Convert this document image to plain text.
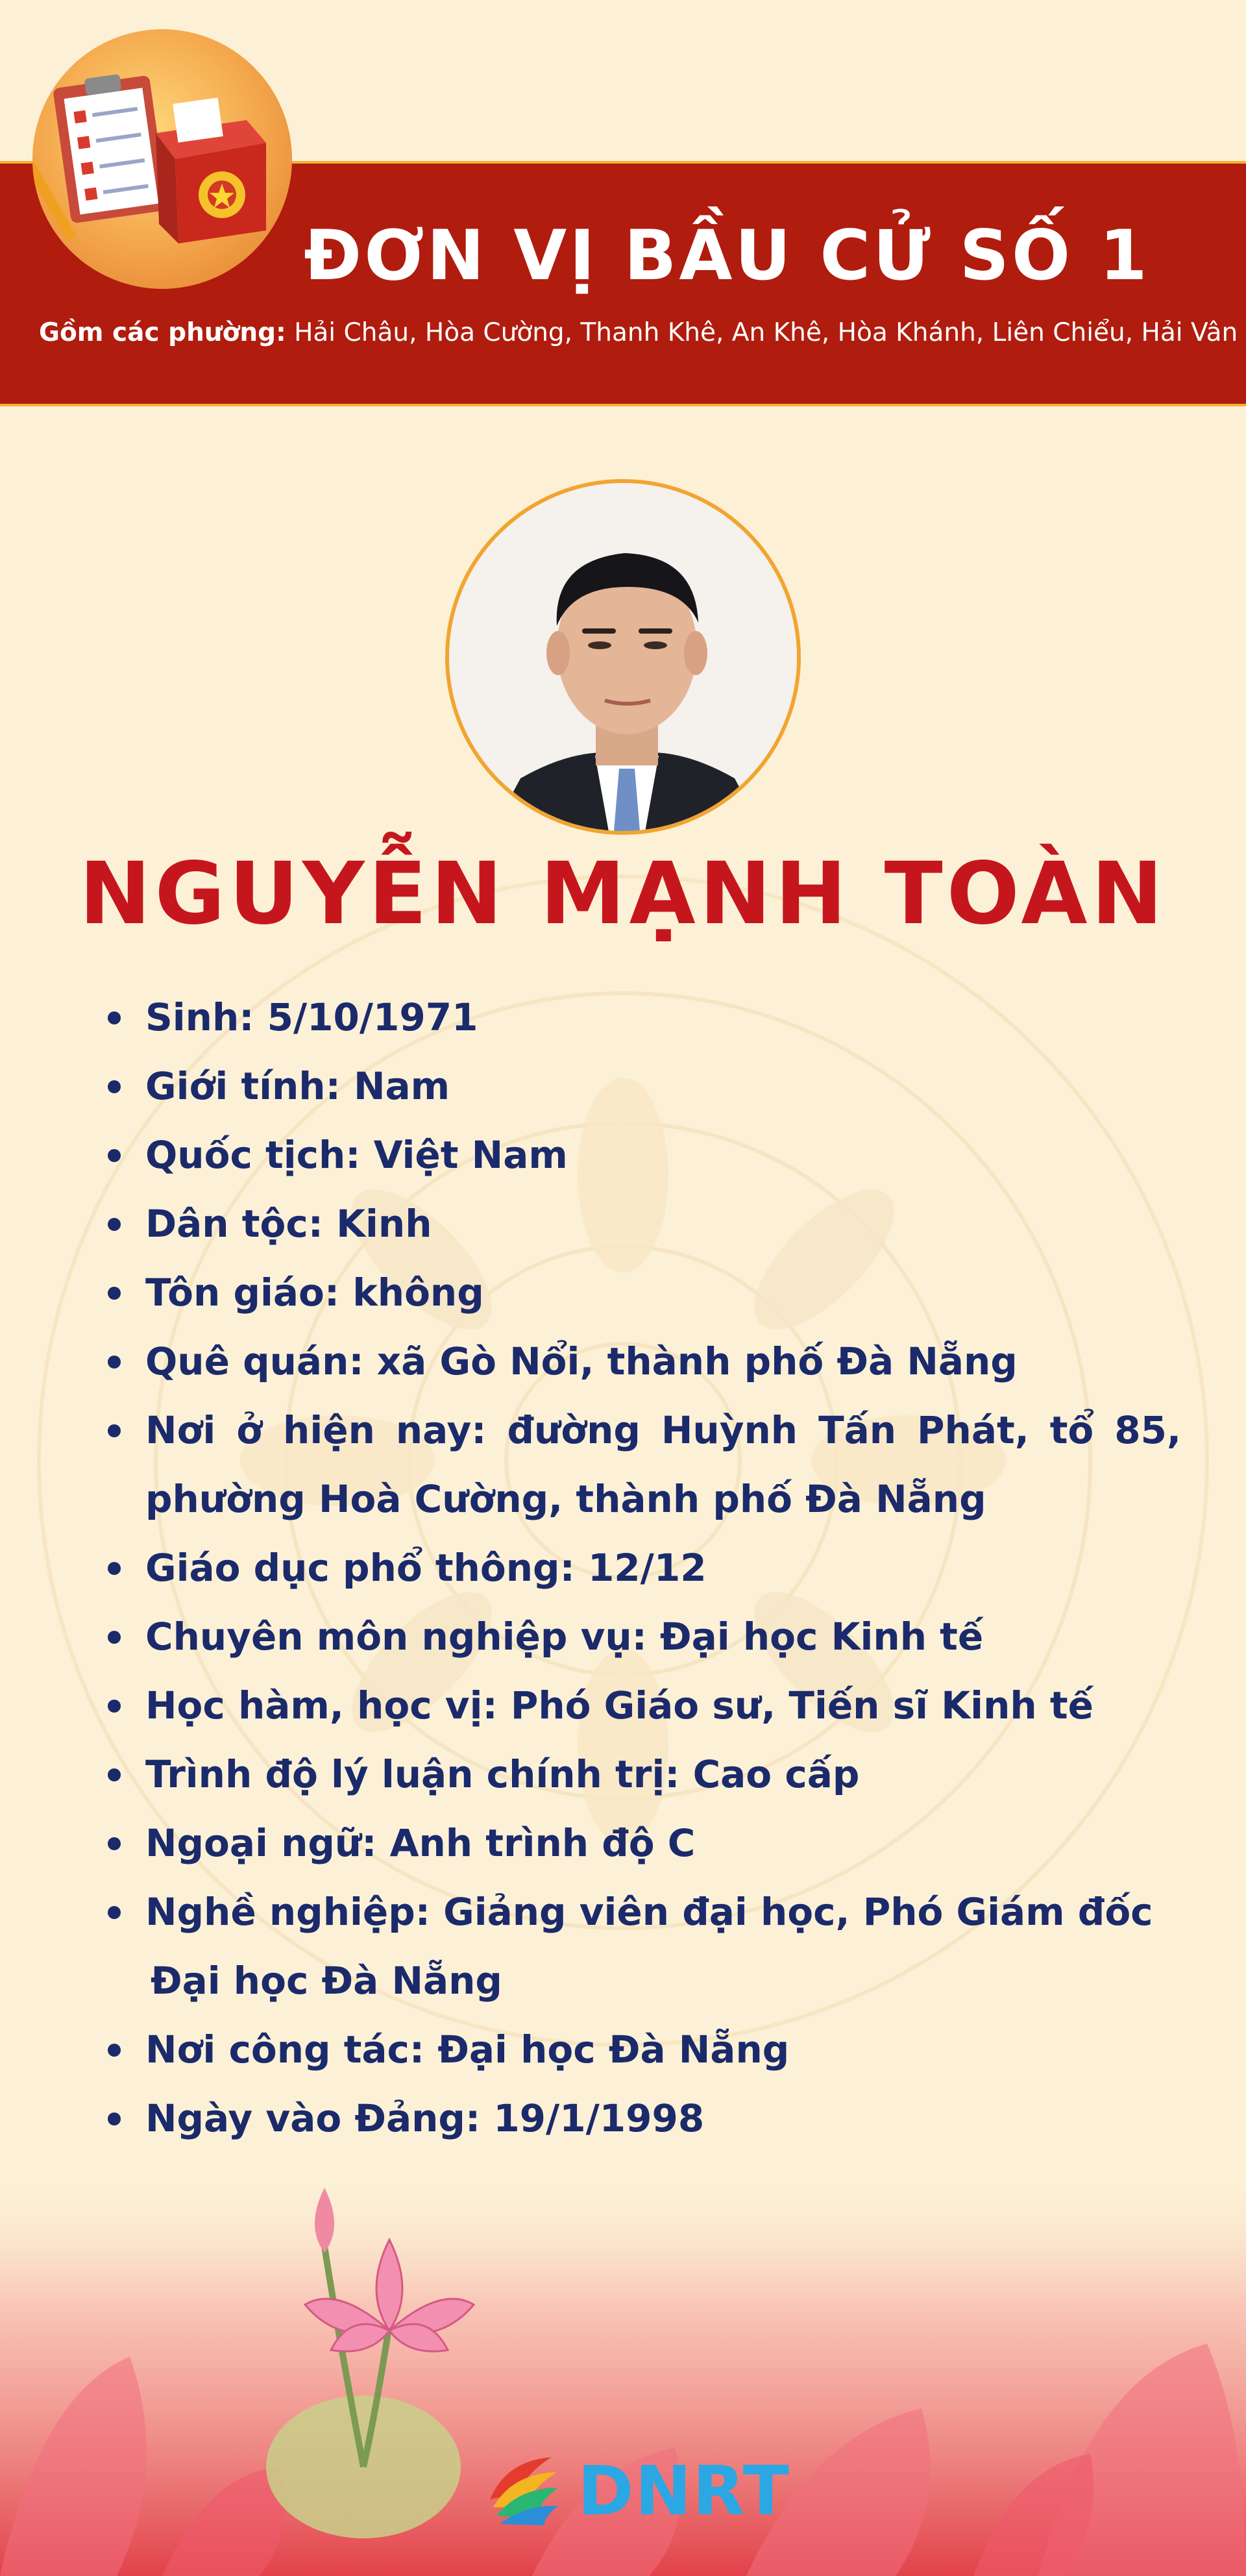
ĐƠN VỊ BẦU CỬ SỐ 1
Gồm các phường: Hải Châu, Hòa Cường, Thanh Khê, An Khê, Hòa Khánh, Liên Chiểu, Hải Vân
NGUYỄN MẠNH TOÀN
Sinh: 5/10/1971
Giới tính: Nam
Quốc tịch: Việt Nam
Dân tộc: Kinh
Tôn giáo: không
Quê quán: xã Gò Nổi, thành phố Đà Nẵng
Nơi ở hiện nay: đường Huỳnh Tấn Phát, tổ 85,
phường Hoà Cường, thành phố Đà Nẵng
Giáo dục phổ thông: 12/12
Chuyên môn nghiệp vụ: Đại học Kinh tế
Học hàm, học vị: Phó Giáo sư, Tiến sĩ Kinh tế
Trình độ lý luận chính trị: Cao cấp
Ngoại ngữ: Anh trình độ C
Nghề nghiệp: Giảng viên đại học, Phó Giám đốc
Đại học Đà Nẵng
Nơi công tác: Đại học Đà Nẵng
Ngày vào Đảng: 19/1/1998
DNRT
